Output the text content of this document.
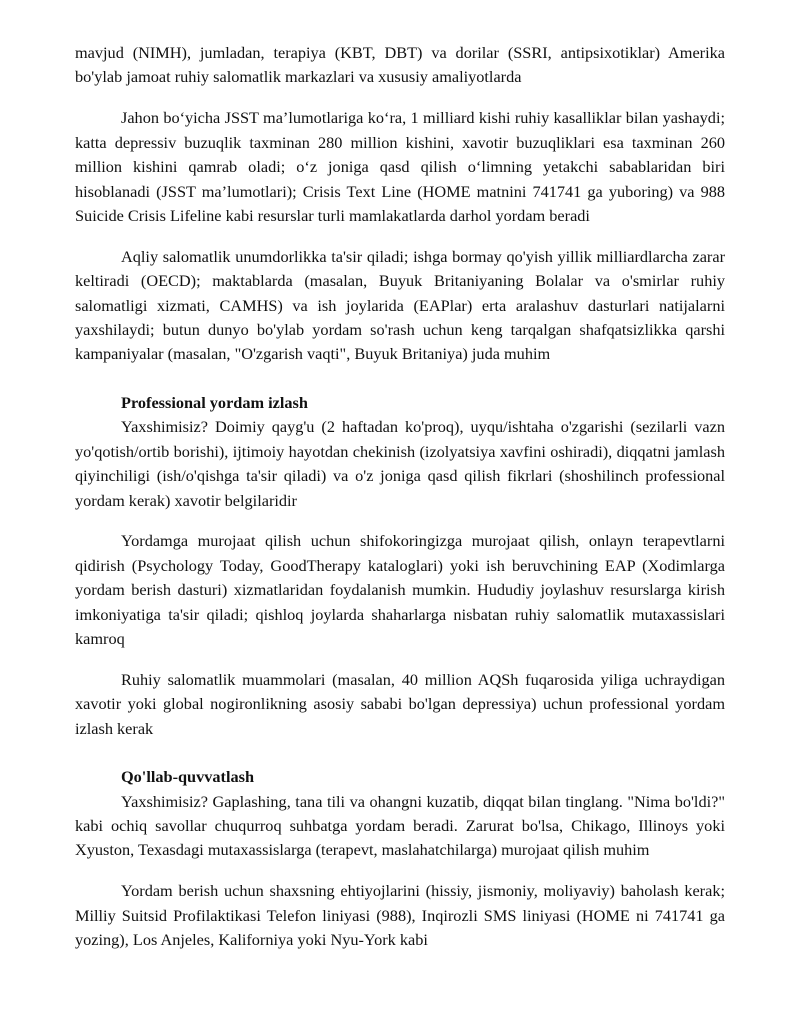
mavjud (NIMH), jumladan, terapiya (KBT, DBT) va dorilar (SSRI, antipsixotiklar) Amerika bo'ylab jamoat ruhiy salomatlik markazlari va xususiy amaliyotlarda

Jahon bo‘yicha JSST ma’lumotlariga ko‘ra, 1 milliard kishi ruhiy kasalliklar bilan yashaydi; katta depressiv buzuqlik taxminan 280 million kishini, xavotir buzuqliklari esa taxminan 260 million kishini qamrab oladi; o‘z joniga qasd qilish o‘limning yetakchi sabablaridan biri hisoblanadi (JSST ma’lumotlari); Crisis Text Line (HOME matnini 741741 ga yuboring) va 988 Suicide Crisis Lifeline kabi resurslar turli mamlakatlarda darhol yordam beradi

Aqliy salomatlik unumdorlikka ta'sir qiladi; ishga bormay qo'yish yillik milliardlarcha zarar keltiradi (OECD); maktablarda (masalan, Buyuk Britaniyaning Bolalar va o'smirlar ruhiy salomatligi xizmati, CAMHS) va ish joylarida (EAPlar) erta aralashuv dasturlari natijalarni yaxshilaydi; butun dunyo bo'ylab yordam so'rash uchun keng tarqalgan shafqatsizlikka qarshi kampaniyalar (masalan, "O'zgarish vaqti", Buyuk Britaniya) juda muhim

Professional yordam izlash

Yaxshimisiz? Doimiy qayg'u (2 haftadan ko'proq), uyqu/ishtaha o'zgarishi (sezilarli vazn yo'qotish/ortib borishi), ijtimoiy hayotdan chekinish (izolyatsiya xavfini oshiradi), diqqatni jamlash qiyinchiligi (ish/o'qishga ta'sir qiladi) va o'z joniga qasd qilish fikrlari (shoshilinch professional yordam kerak) xavotir belgilaridir

Yordamga murojaat qilish uchun shifokoringizga murojaat qilish, onlayn terapevtlarni qidirish (Psychology Today, GoodTherapy kataloglari) yoki ish beruvchining EAP (Xodimlarga yordam berish dasturi) xizmatlaridan foydalanish mumkin. Hududiy joylashuv resurslarga kirish imkoniyatiga ta'sir qiladi; qishloq joylarda shaharlarga nisbatan ruhiy salomatlik mutaxassislari kamroq

Ruhiy salomatlik muammolari (masalan, 40 million AQSh fuqarosida yiliga uchraydigan xavotir yoki global nogironlikning asosiy sababi bo'lgan depressiya) uchun professional yordam izlash kerak

Qo'llab-quvvatlash

Yaxshimisiz? Gaplashing, tana tili va ohangni kuzatib, diqqat bilan tinglang. "Nima bo'ldi?" kabi ochiq savollar chuqurroq suhbatga yordam beradi. Zarurat bo'lsa, Chikago, Illinoys yoki Xyuston, Texasdagi mutaxassislarga (terapevt, maslahatchilarga) murojaat qilish muhim

Yordam berish uchun shaxsning ehtiyojlarini (hissiy, jismoniy, moliyaviy) baholash kerak; Milliy Suitsid Profilaktikasi Telefon liniyasi (988), Inqirozli SMS liniyasi (HOME ni 741741 ga yozing), Los Anjeles, Kaliforniya yoki Nyu-York kabi
